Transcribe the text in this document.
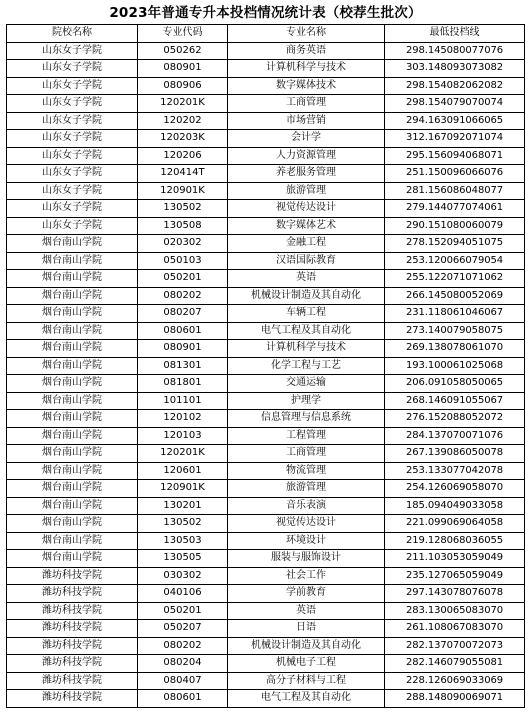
2023年普通专升本投档情况统计表（校荐生批次）
院校名称	专业代码	专业名称	最低投档线
山东女子学院	050262	商务英语	298.145080077076
山东女子学院	080901	计算机科学与技术	303.148093073082
山东女子学院	080906	数字媒体技术	298.154082062082
山东女子学院	120201K	工商管理	298.154079070074
山东女子学院	120202	市场营销	294.163091066065
山东女子学院	120203K	会计学	312.167092071074
山东女子学院	120206	人力资源管理	295.156094068071
山东女子学院	120414T	养老服务管理	251.150096066076
山东女子学院	120901K	旅游管理	281.156086048077
山东女子学院	130502	视觉传达设计	279.144077074061
山东女子学院	130508	数字媒体艺术	290.151080060079
烟台南山学院	020302	金融工程	278.152094051075
烟台南山学院	050103	汉语国际教育	253.120066079054
烟台南山学院	050201	英语	255.122071071062
烟台南山学院	080202	机械设计制造及其自动化	266.145080052069
烟台南山学院	080207	车辆工程	231.118061046067
烟台南山学院	080601	电气工程及其自动化	273.140079058075
烟台南山学院	080901	计算机科学与技术	269.138078061070
烟台南山学院	081301	化学工程与工艺	193.100061025068
烟台南山学院	081801	交通运输	206.091058050065
烟台南山学院	101101	护理学	268.146091055067
烟台南山学院	120102	信息管理与信息系统	276.152088052072
烟台南山学院	120103	工程管理	284.137070071076
烟台南山学院	120201K	工商管理	267.139086050078
烟台南山学院	120601	物流管理	253.133077042078
烟台南山学院	120901K	旅游管理	254.126069058070
烟台南山学院	130201	音乐表演	185.094049033058
烟台南山学院	130502	视觉传达设计	221.099069064058
烟台南山学院	130503	环境设计	219.128068036055
烟台南山学院	130505	服装与服饰设计	211.103053059049
潍坊科技学院	030302	社会工作	235.127065059049
潍坊科技学院	040106	学前教育	297.143078076078
潍坊科技学院	050201	英语	283.130065083070
潍坊科技学院	050207	日语	261.108067083070
潍坊科技学院	080202	机械设计制造及其自动化	282.137070072073
潍坊科技学院	080204	机械电子工程	282.146079055081
潍坊科技学院	080407	高分子材料与工程	228.126069033069
潍坊科技学院	080601	电气工程及其自动化	288.148090069071
